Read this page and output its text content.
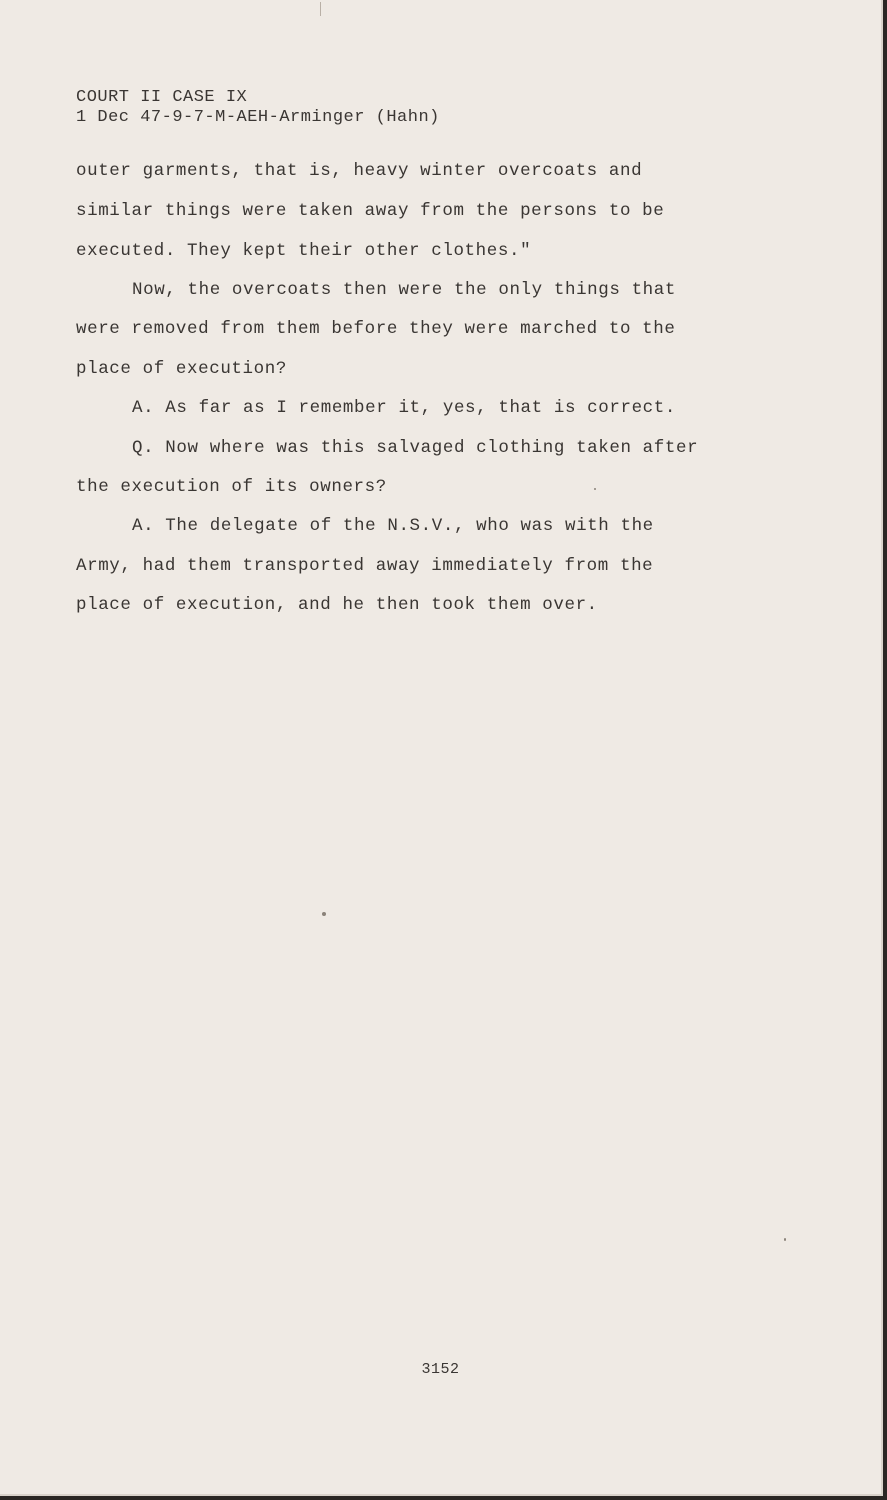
COURT II CASE IX
1 Dec 47-9-7-M-AEH-Arminger (Hahn)
outer garments, that is, heavy winter overcoats and
similar things were taken away from the persons to be
executed. They kept their other clothes."
Now, the overcoats then were the only things that
were removed from them before they were marched to the
place of execution?
A. As far as I remember it, yes, that is correct.
Q. Now where was this salvaged clothing taken after
the execution of its owners?
A. The delegate of the N.S.V., who was with the
Army, had them transported away immediately from the
place of execution, and he then took them over.
3152
